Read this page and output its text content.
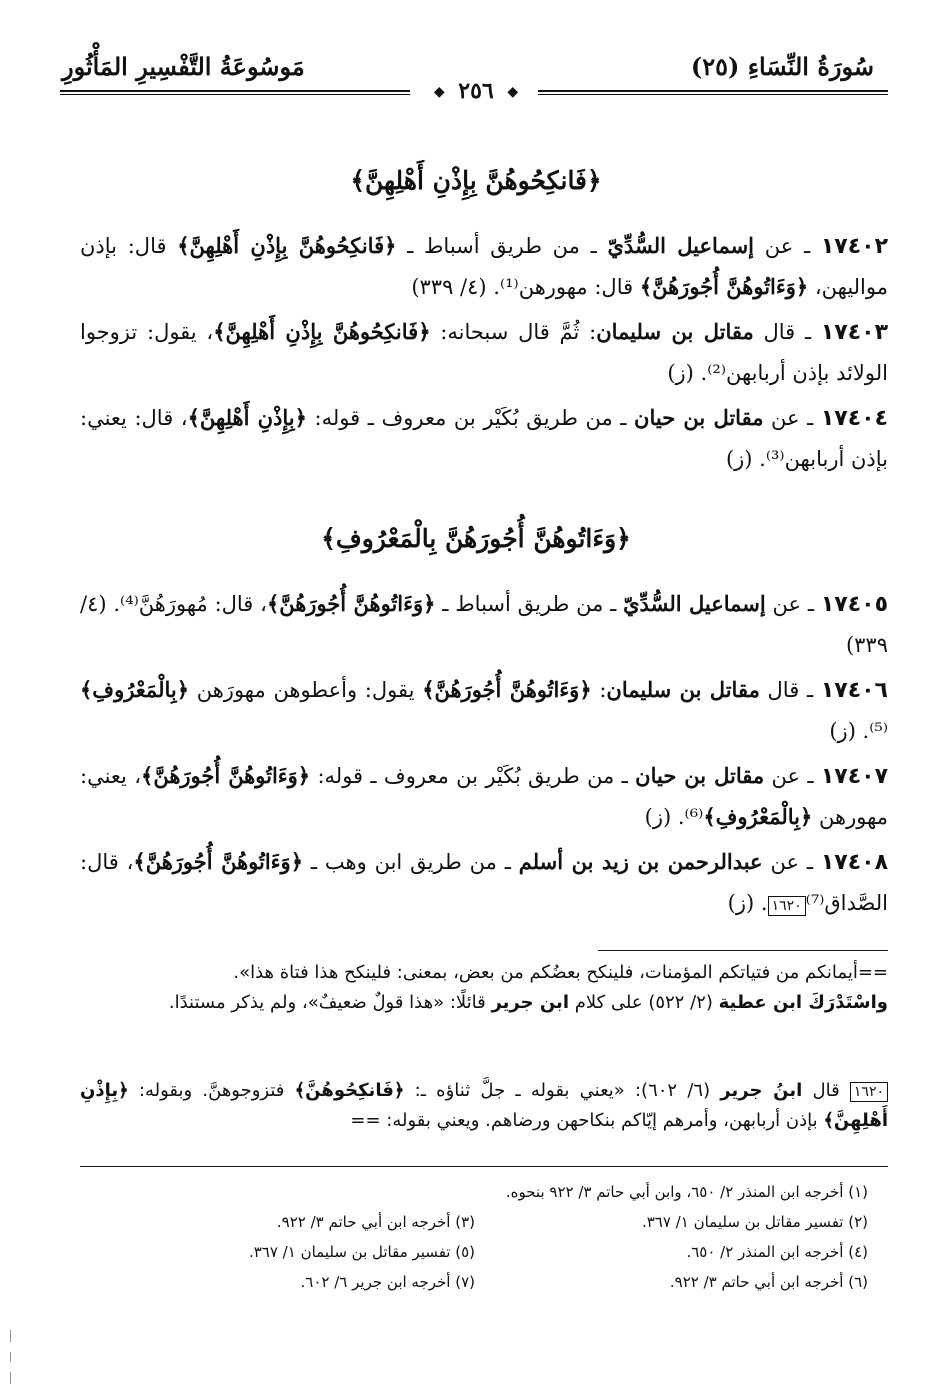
سُورَةُ النِّسَاءِ (٢٥)
مَوسُوعَةُ التَّفْسِيرِ المَأْثُورِ
◆ ٢٥٦ ◆
﴿فَانكِحُوهُنَّ بِإِذْنِ أَهْلِهِنَّ﴾
١٧٤٠٢ ـ عن إسماعيل السُّدِّيّ ـ من طريق أسباط ـ ﴿فَانكِحُوهُنَّ بِإِذْنِ أَهْلِهِنَّ﴾ قال: بإذن مواليهن، ﴿وَءَاتُوهُنَّ أُجُورَهُنَّ﴾ قال: مهورهن⁽¹⁾. (٤/ ٣٣٩)
١٧٤٠٣ ـ قال مقاتل بن سليمان: ثُمَّ قال سبحانه: ﴿فَانكِحُوهُنَّ بِإِذْنِ أَهْلِهِنَّ﴾، يقول: تزوجوا الولائد بإذن أربابهن⁽²⁾. (ز)
١٧٤٠٤ ـ عن مقاتل بن حيان ـ من طريق بُكَيْر بن معروف ـ قوله: ﴿بِإِذْنِ أَهْلِهِنَّ﴾، قال: يعني: بإذن أربابهن⁽³⁾. (ز)
﴿وَءَاتُوهُنَّ أُجُورَهُنَّ بِالْمَعْرُوفِ﴾
١٧٤٠٥ ـ عن إسماعيل السُّدِّيّ ـ من طريق أسباط ـ ﴿وَءَاتُوهُنَّ أُجُورَهُنَّ﴾، قال: مُهورَهُنَّ⁽⁴⁾. (٤/ ٣٣٩)
١٧٤٠٦ ـ قال مقاتل بن سليمان: ﴿وَءَاتُوهُنَّ أُجُورَهُنَّ﴾ يقول: وأعطوهن مهورَهن ﴿بِالْمَعْرُوفِ﴾⁽⁵⁾. (ز)
١٧٤٠٧ ـ عن مقاتل بن حيان ـ من طريق بُكَيْر بن معروف ـ قوله: ﴿وَءَاتُوهُنَّ أُجُورَهُنَّ﴾، يعني: مهورهن ﴿بِالْمَعْرُوفِ﴾⁽⁶⁾. (ز)
١٧٤٠٨ ـ عن عبدالرحمن بن زيد بن أسلم ـ من طريق ابن وهب ـ ﴿وَءَاتُوهُنَّ أُجُورَهُنَّ﴾، قال: الصَّداق⁽⁷⁾١٦٢٠. (ز)
==أيمانكم من فتياتكم المؤمنات، فلينكح بعضُكم من بعض، بمعنى: فلينكح هذا فتاة هذا».
واسْتَدْرَكَ ابن عطية (٢/ ٥٢٢) على كلام ابن جرير قائلًا: «هذا قولٌ ضعيفٌ»، ولم يذكر مستندًا.
١٦٢٠ قال ابنُ جرير (٦/ ٦٠٢): «يعني بقوله ـ جلَّ ثناؤه ـ: ﴿فَانكِحُوهُنَّ﴾ فتزوجوهنَّ. وبقوله: ﴿بِإِذْنِ أَهْلِهِنَّ﴾ بإذن أربابهن، وأمرهم إيّاكم بنكاحهن ورضاهم. ويعني بقوله: ==
(١) أخرجه ابن المنذر ٢/ ٦٥٠، وابن أبي حاتم ٣/ ٩٢٢ بنحوه.
(٢) تفسير مقاتل بن سليمان ١/ ٣٦٧.
(٣) أخرجه ابن أبي حاتم ٣/ ٩٢٢.
(٤) أخرجه ابن المنذر ٢/ ٦٥٠.
(٥) تفسير مقاتل بن سليمان ١/ ٣٦٧.
(٦) أخرجه ابن أبي حاتم ٣/ ٩٢٢.
(٧) أخرجه ابن جرير ٦/ ٦٠٢.
